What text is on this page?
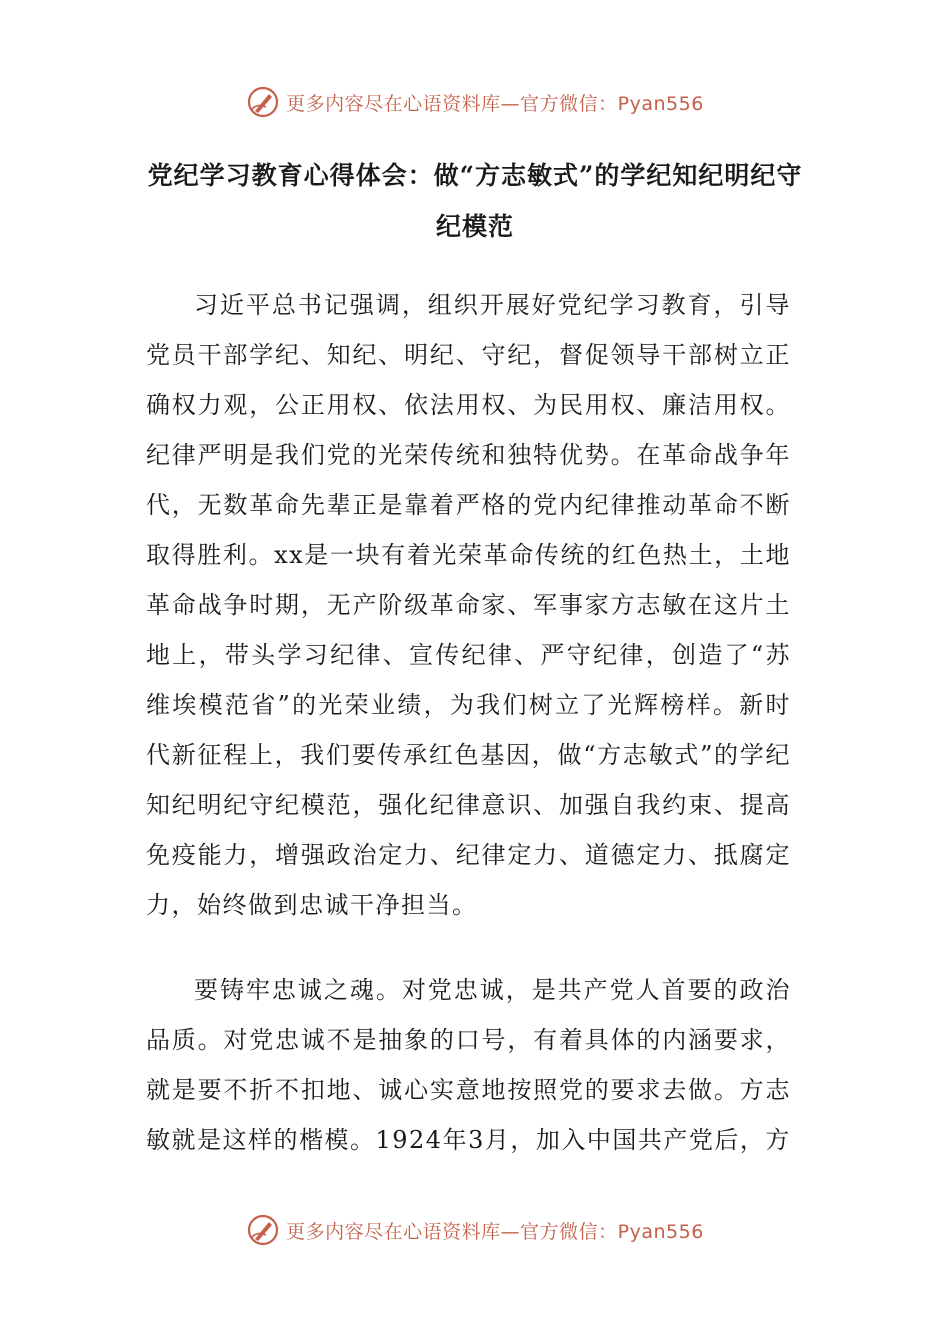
更多内容尽在心语资料库—官方微信：Pyan556
党纪学习教育心得体会：做“方志敏式”的学纪知纪明纪守纪模范

习近平总书记强调，组织开展好党纪学习教育，引导党员干部学纪、知纪、明纪、守纪，督促领导干部树立正确权力观，公正用权、依法用权、为民用权、廉洁用权。纪律严明是我们党的光荣传统和独特优势。在革命战争年代，无数革命先辈正是靠着严格的党内纪律推动革命不断取得胜利。xx是一块有着光荣革命传统的红色热土，土地革命战争时期，无产阶级革命家、军事家方志敏在这片土地上，带头学习纪律、宣传纪律、严守纪律，创造了“苏维埃模范省”的光荣业绩，为我们树立了光辉榜样。新时代新征程上，我们要传承红色基因，做“方志敏式”的学纪知纪明纪守纪模范，强化纪律意识、加强自我约束、提高免疫能力，增强政治定力、纪律定力、道德定力、抵腐定力，始终做到忠诚干净担当。

要铸牢忠诚之魂。对党忠诚，是共产党人首要的政治品质。对党忠诚不是抽象的口号，有着具体的内涵要求，就是要不折不扣地、诚心实意地按照党的要求去做。方志敏就是这样的楷模。1924年3月，加入中国共产党后，方

更多内容尽在心语资料库—官方微信：Pyan556
